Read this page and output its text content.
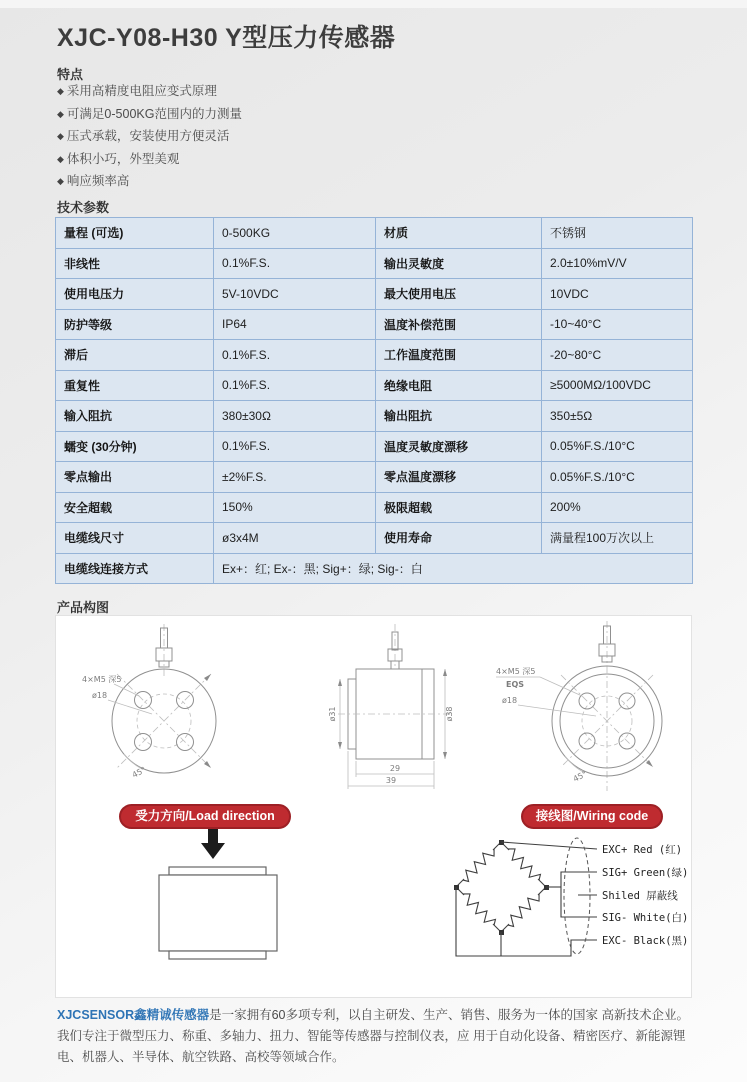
XJC-Y08-H30 Y型压力传感器
特点
◆ 采用高精度电阻应变式原理
◆ 可满足0-500KG范围内的力测量
◆ 压式承载，安装使用方便灵活
◆ 体积小巧，外型美观
◆ 响应频率高
技术参数
量程 (可选)	0-500KG	材质	不锈钢
非线性	0.1%F.S.	输出灵敏度	2.0±10%mV/V
使用电压力	5V-10VDC	最大使用电压	10VDC
防护等级	IP64	温度补偿范围	-10~40°C
滞后	0.1%F.S.	工作温度范围	-20~80°C
重复性	0.1%F.S.	绝缘电阻	≥5000MΩ/100VDC
输入阻抗	380±30Ω	输出阻抗	350±5Ω
蠕变 (30分钟)	0.1%F.S.	温度灵敏度漂移	0.05%F.S./10°C
零点输出	±2%F.S.	零点温度漂移	0.05%F.S./10°C
安全超载	150%	极限超载	200%
电缆线尺寸	ø3x4M	使用寿命	满量程100万次以上
电缆线连接方式	Ex+：红; Ex-：黑; Sig+：绿; Sig-：白		
产品构图
4×M5 深5
ø18
45°
ø31	ø38
29
39
4×M5 深5
EQS
ø18
45°
EXC+ Red (红)
SIG+ Green(绿)
Shiled 屏蔽线
SIG- White(白)
EXC- Black(黑)
受力方向/Load direction	接线图/Wiring code

XJCSENSOR鑫精诚传感器是一家拥有60多项专利，以自主研发、生产、销售、服务为一体的国家 高新技术企业。

我们专注于微型压力、称重、多轴力、扭力、智能等传感器与控制仪表，应 用于自动化设备、精密医疗、新能源锂电、机器人、半导体、航空铁路、高校等领域合作。
